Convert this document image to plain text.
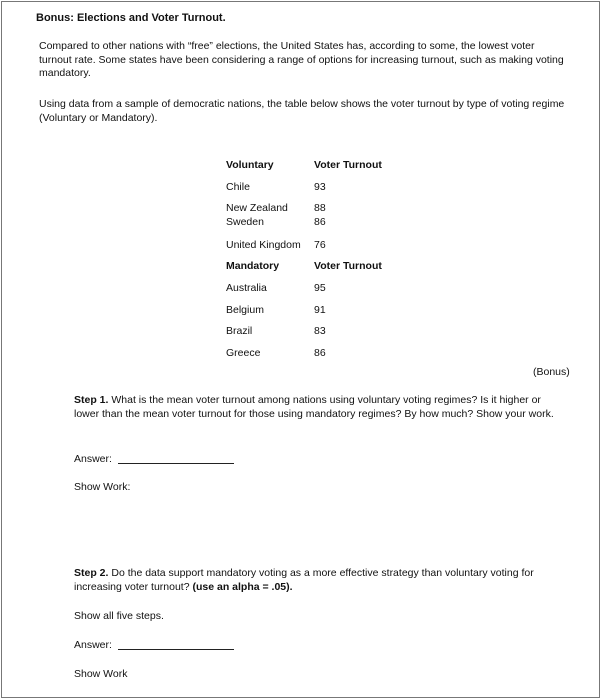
Bonus: Elections and Voter Turnout.
Compared to other nations with “free” elections, the United States has, according to some, the lowest voter turnout rate. Some states have been considering a range of options for increasing turnout, such as making voting mandatory.
Using data from a sample of democratic nations, the table below shows the voter turnout by type of voting regime (Voluntary or Mandatory).
Voluntary	Voter Turnout
Chile	93
New Zealand 88
Sweden	86
United Kingdom 76
Mandatory	Voter Turnout
Australia	95
Belgium	91
Brazil	83
Greece	86
(Bonus)
Step 1. What is the mean voter turnout among nations using voluntary voting regimes? Is it higher or lower than the mean voter turnout for those using mandatory regimes? By how much? Show your work.
Answer:
Show Work:
Step 2. Do the data support mandatory voting as a more effective strategy than voluntary voting for increasing voter turnout? (use an alpha = .05).
Show all five steps.
Answer:
Show Work
